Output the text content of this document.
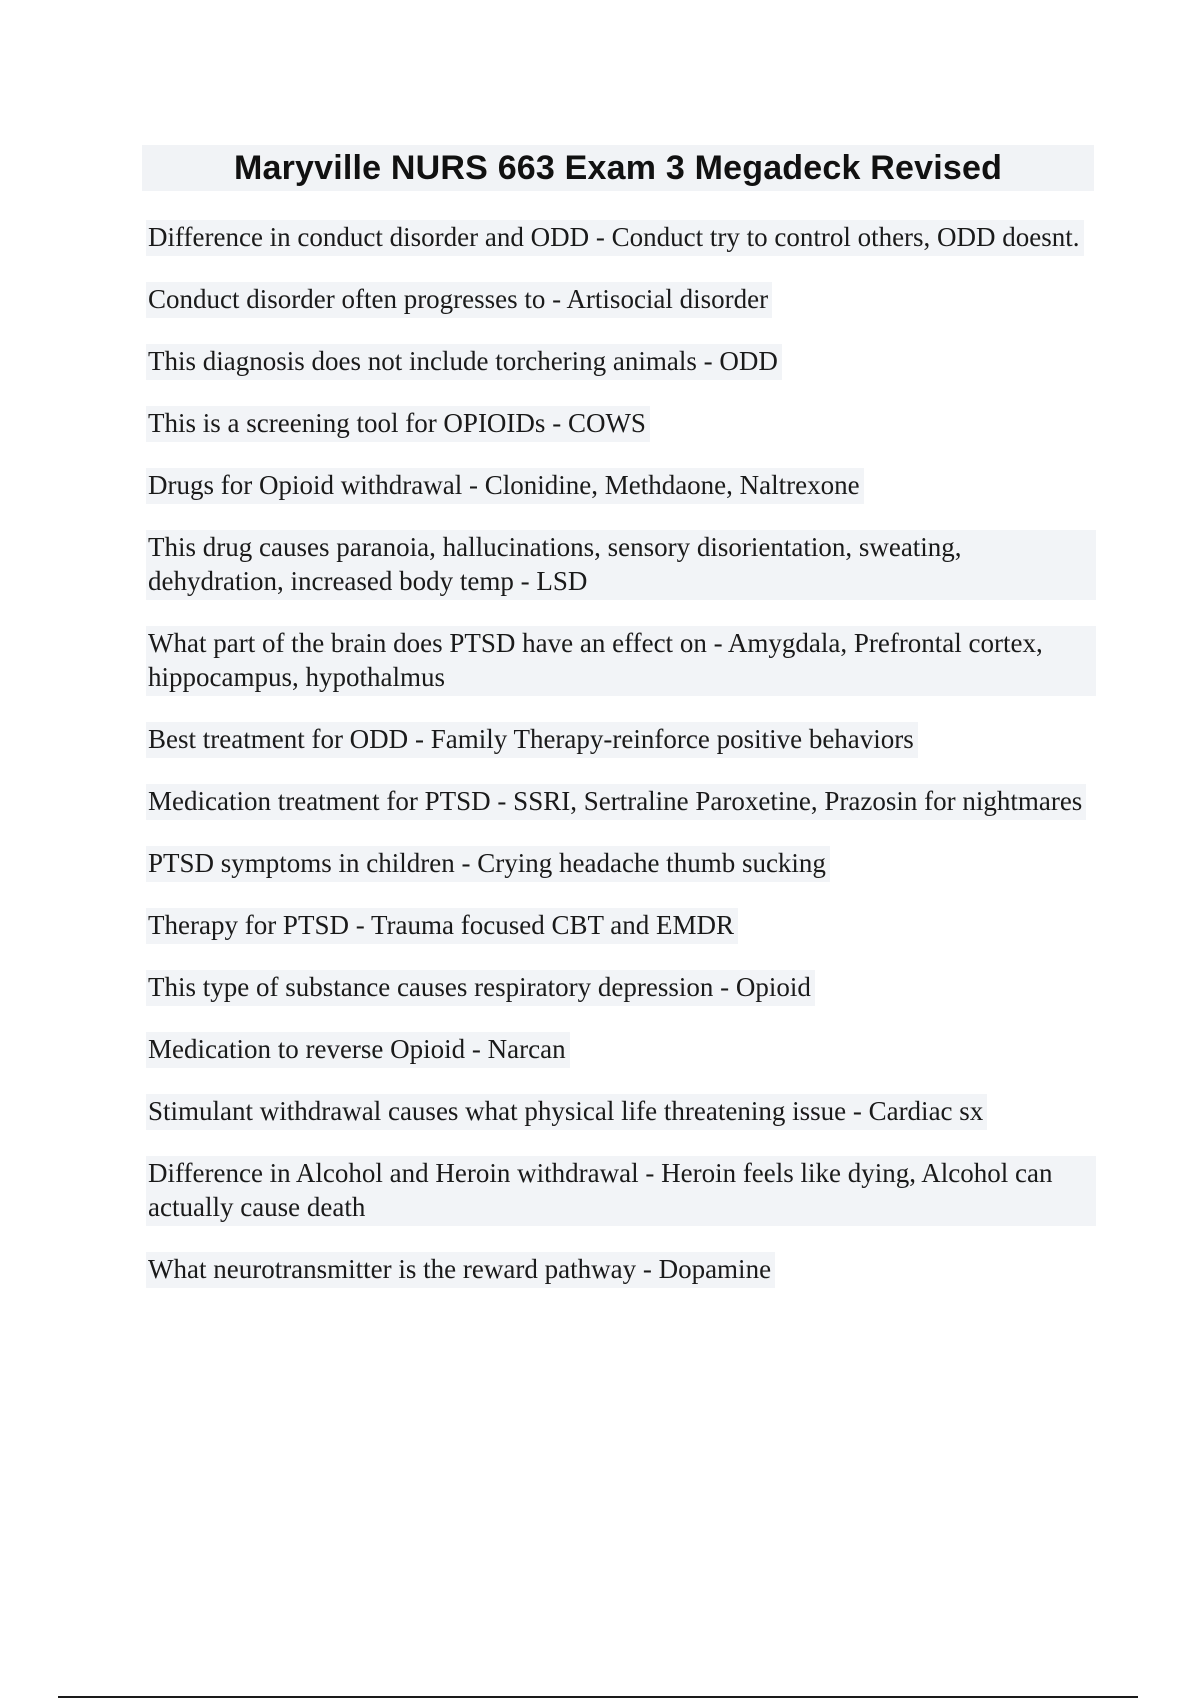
Maryville NURS 663 Exam 3 Megadeck Revised

Difference in conduct disorder and ODD - Conduct try to control others, ODD doesnt.

Conduct disorder often progresses to - Artisocial disorder

This diagnosis does not include torchering animals - ODD

This is a screening tool for OPIOIDs - COWS

Drugs for Opioid withdrawal - Clonidine, Methdaone, Naltrexone

This drug causes paranoia, hallucinations, sensory disorientation, sweating, dehydration, increased body temp - LSD

What part of the brain does PTSD have an effect on - Amygdala, Prefrontal cortex, hippocampus, hypothalmus

Best treatment for ODD - Family Therapy-reinforce positive behaviors

Medication treatment for PTSD - SSRI, Sertraline Paroxetine, Prazosin for nightmares

PTSD symptoms in children - Crying headache thumb sucking

Therapy for PTSD - Trauma focused CBT and EMDR

This type of substance causes respiratory depression - Opioid

Medication to reverse Opioid - Narcan

Stimulant withdrawal causes what physical life threatening issue - Cardiac sx

Difference in Alcohol and Heroin withdrawal - Heroin feels like dying, Alcohol can actually cause death

What neurotransmitter is the reward pathway - Dopamine
